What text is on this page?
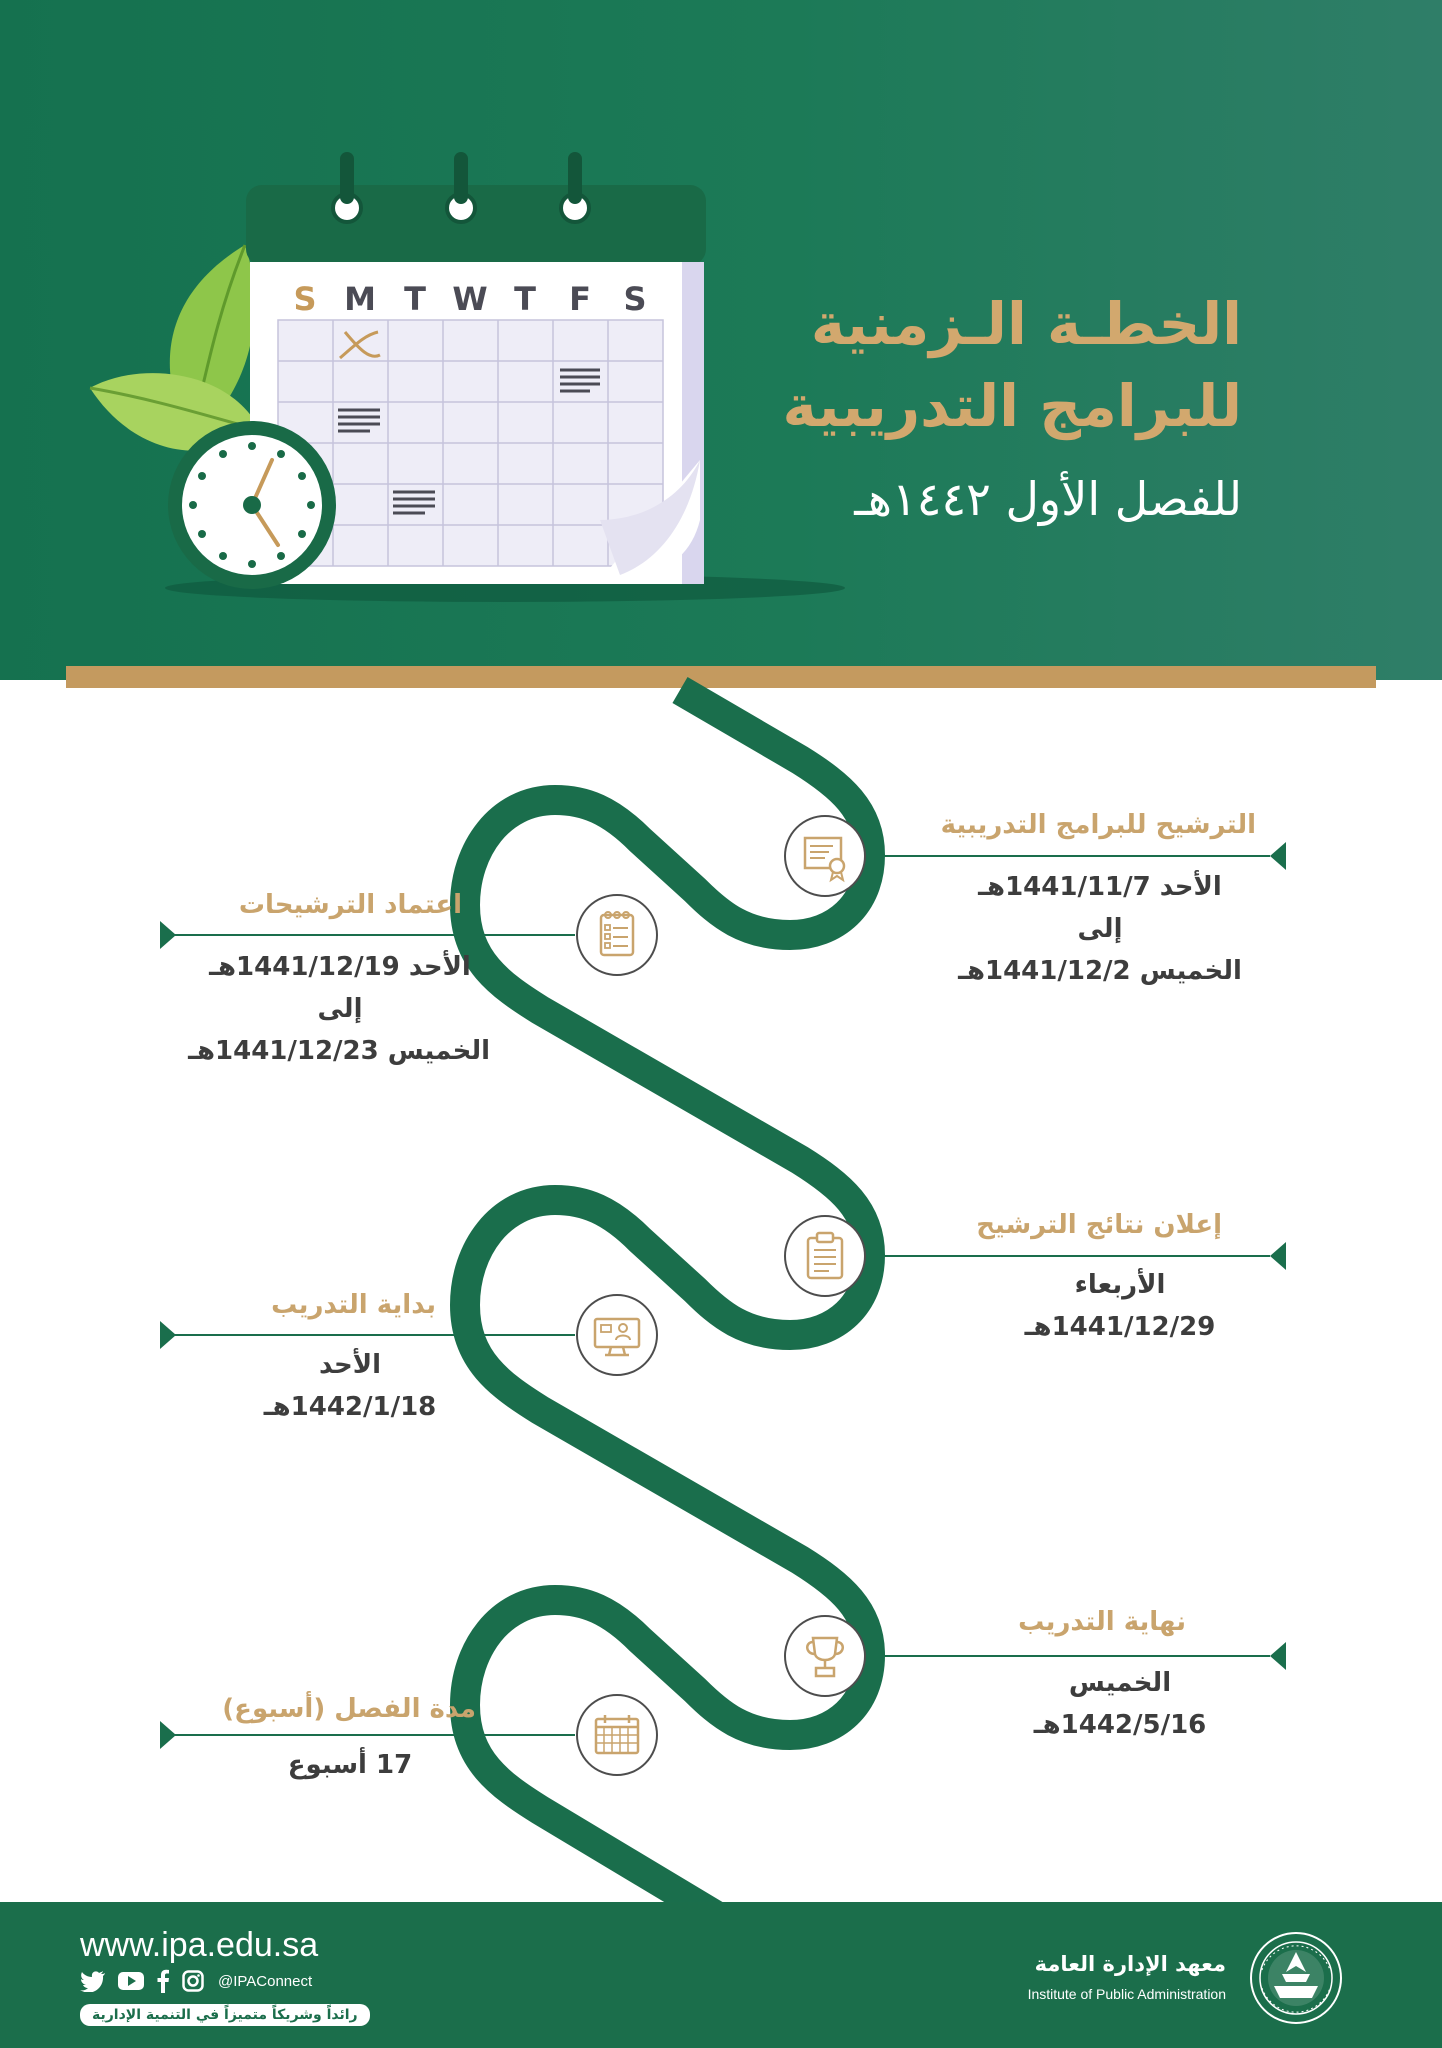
S M T W T F S	الخطـة الـزمنية
للبرامج التدريبية
للفصل الأول ١٤٤٢هـ
الترشيح للبرامج التدريبية
الأحد 1441/11/7هـ
إلى
الخميس 1441/12/2هـ
اعتماد الترشيحات
الأحد 1441/12/19هـ
إلى
الخميس 1441/12/23هـ
إعلان نتائج الترشيح
الأربعاء
1441/12/29هـ
بداية التدريب
الأحد
1442/1/18هـ
نهاية التدريب
الخميس
1442/5/16هـ
مدة الفصل (أسبوع)
17 أسبوع
www.ipa.edu.sa
@IPAConnect
رائداً وشريكاً متميزاً في التنمية الإدارية
معهد الإدارة العامة
Institute of Public Administration
